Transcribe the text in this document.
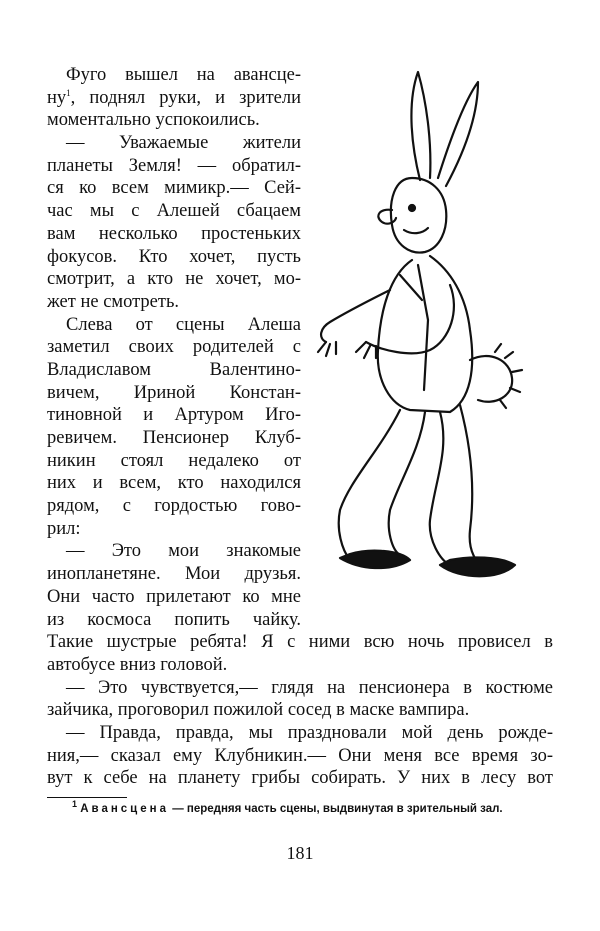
Фуго вышел на авансце-
$ну^1$, поднял руки, и зрители
моментально успокоились.
— Уважаемые жители
планеты Земля! — обратил-
ся ко всем мимикр.— Сей-
час мы с Алешей сбацаем
вам несколько простеньких
фокусов. Кто хочет, пусть
смотрит, а кто не хочет, мо-
жет не смотреть.
Слева от сцены Алеша
заметил своих родителей с
Владиславом Валентино-
вичем, Ириной Констан-
тиновной и Артуром Иго-
ревичем. Пенсионер Клуб-
никин стоял недалеко от
них и всем, кто находился
рядом, с гордостью гово-
рил:
— Это мои знакомые
инопланетяне. Мои друзья.
Они часто прилетают ко мне
из космоса попить чайку.
Такие шустрые ребята! Я с ними всю ночь провисел в
автобусе вниз головой.
— Это чувствуется,— глядя на пенсионера в костюме
зайчика, проговорил пожилой сосед в маске вампира.
— Правда, правда, мы праздновали мой день рожде-
ния,— сказал ему Клубникин.— Они меня все время зо-
вут к себе на планету грибы собирать. У них в лесу вот
$^1$ Авансцена — передняя часть сцены, выдвинутая в зрительный зал.
181
